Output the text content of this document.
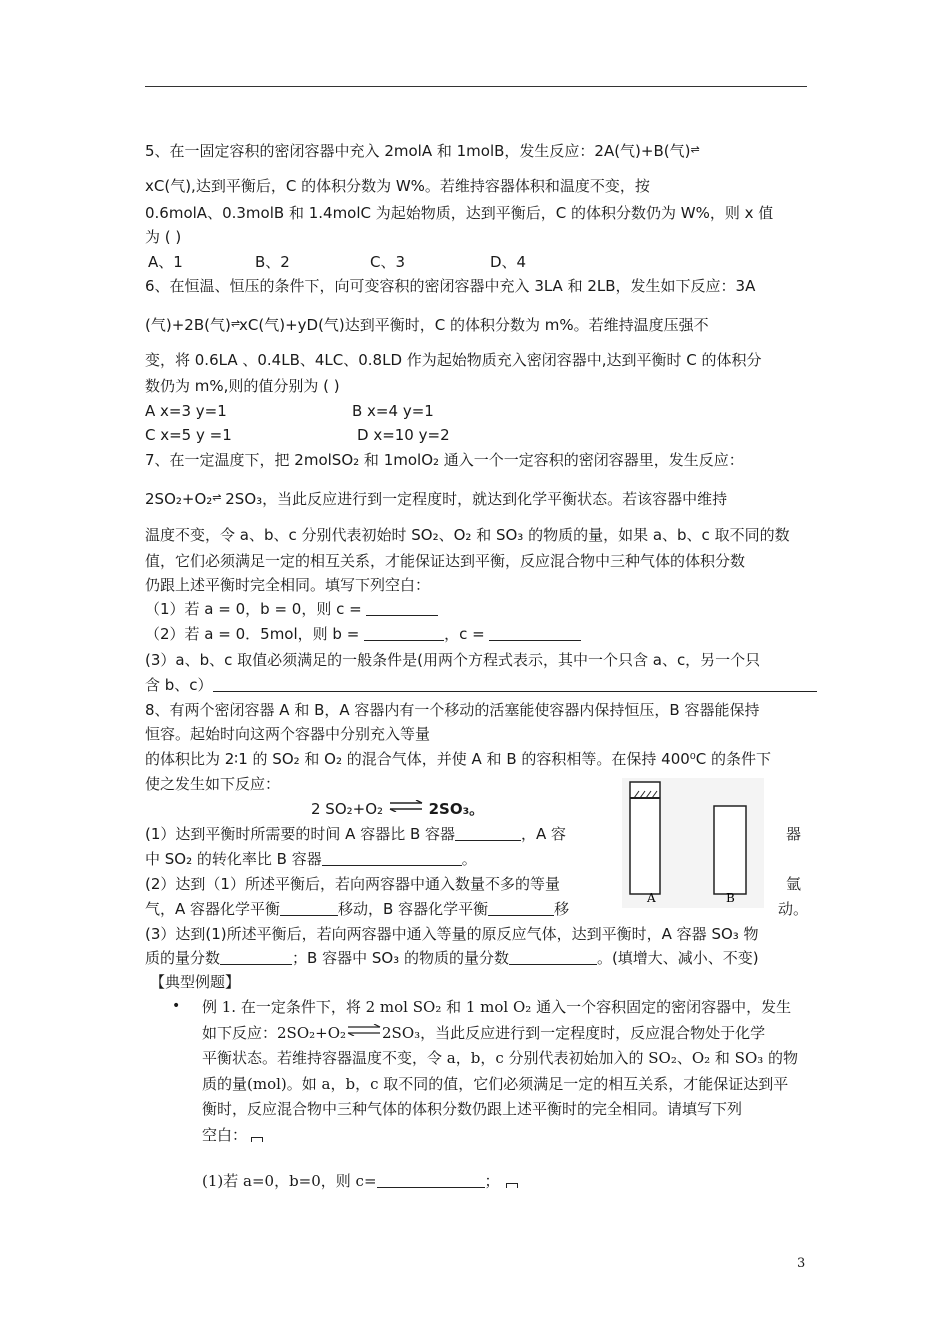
5、在一固定容积的密闭容器中充入 2molA 和 1molB，发生反应：2A(气)+B(气)⇌
xC(气),达到平衡后，C 的体积分数为 W%。若维持容器体积和温度不变，按
0.6molA、0.3molB 和 1.4molC 为起始物质，达到平衡后，C 的体积分数仍为 W%，则 x 值
为 ( )
A、1	B、2	C、3	D、4
6、在恒温、恒压的条件下，向可变容积的密闭容器中充入 3LA 和 2LB，发生如下反应：3A
(气)+2B(气)⇌xC(气)+yD(气)达到平衡时，C 的体积分数为 m%。若维持温度压强不
变，将 0.6LA 、0.4LB、4LC、0.8LD 作为起始物质充入密闭容器中,达到平衡时 C 的体积分
数仍为 m%,则的值分别为 ( )
A x=3 y=1	B x=4 y=1
C x=5 y =1	D x=10 y=2
7、在一定温度下，把 2molSO₂ 和 1molO₂ 通入一个一定容积的密闭容器里，发生反应：
2SO₂+O₂⇌ 2SO₃，当此反应进行到一定程度时，就达到化学平衡状态。若该容器中维持
温度不变，令 a、b、c 分别代表初始时 SO₂、O₂ 和 SO₃ 的物质的量，如果 a、b、c 取不同的数
值，它们必须满足一定的相互关系，才能保证达到平衡，反应混合物中三种气体的体积分数
仍跟上述平衡时完全相同。填写下列空白：
（1）若 a = 0，b = 0，则 c =
（2）若 a = 0．5mol，则 b =	，c =
(3）a、b、c 取值必须满足的一般条件是(用两个方程式表示，其中一个只含 a、c，另一个只
含 b、c）
8、有两个密闭容器 A 和 B，A 容器内有一个移动的活塞能使容器内保持恒压，B 容器能保持
恒容。起始时向这两个容器中分别充入等量
的体积比为 2∶1 的 SO₂ 和 O₂ 的混合气体，并使 A 和 B 的容积相等。在保持 400⁰C 的条件下
使之发生如下反应：
2 SO₂+O₂ ⇌ 2SO₃。
(1）达到平衡时所需要的时间 A 容器比 B 容器	，A 容	器
中 SO₂ 的转化率比 B 容器	。
(2）达到（1）所述平衡后，若向两容器中通入数量不多的等量	氩
气，A 容器化学平衡	移动，B 容器化学平衡	移	动。
(3）达到(1)所述平衡后，若向两容器中通入等量的原反应气体，达到平衡时，A 容器 SO₃ 物
质的量分数	；B 容器中 SO₃ 的物质的量分数	。(填增大、减小、不变)
A	B
【典型例题】
• 例 1. 在一定条件下，将 2 mol SO₂ 和 1 mol O₂ 通入一个容积固定的密闭容器中，发生
如下反应：2SO₂+O₂⇌2SO₃，当此反应进行到一定程度时，反应混合物处于化学
平衡状态。若维持容器温度不变，令 a，b，c 分别代表初始加入的 SO₂、O₂ 和 SO₃ 的物
质的量(mol)。如 a，b，c 取不同的值，它们必须满足一定的相互关系，才能保证达到平
衡时，反应混合物中三种气体的体积分数仍跟上述平衡时的完全相同。请填写下列
空白：
(1)若 a=0，b=0，则 c=	；
3
